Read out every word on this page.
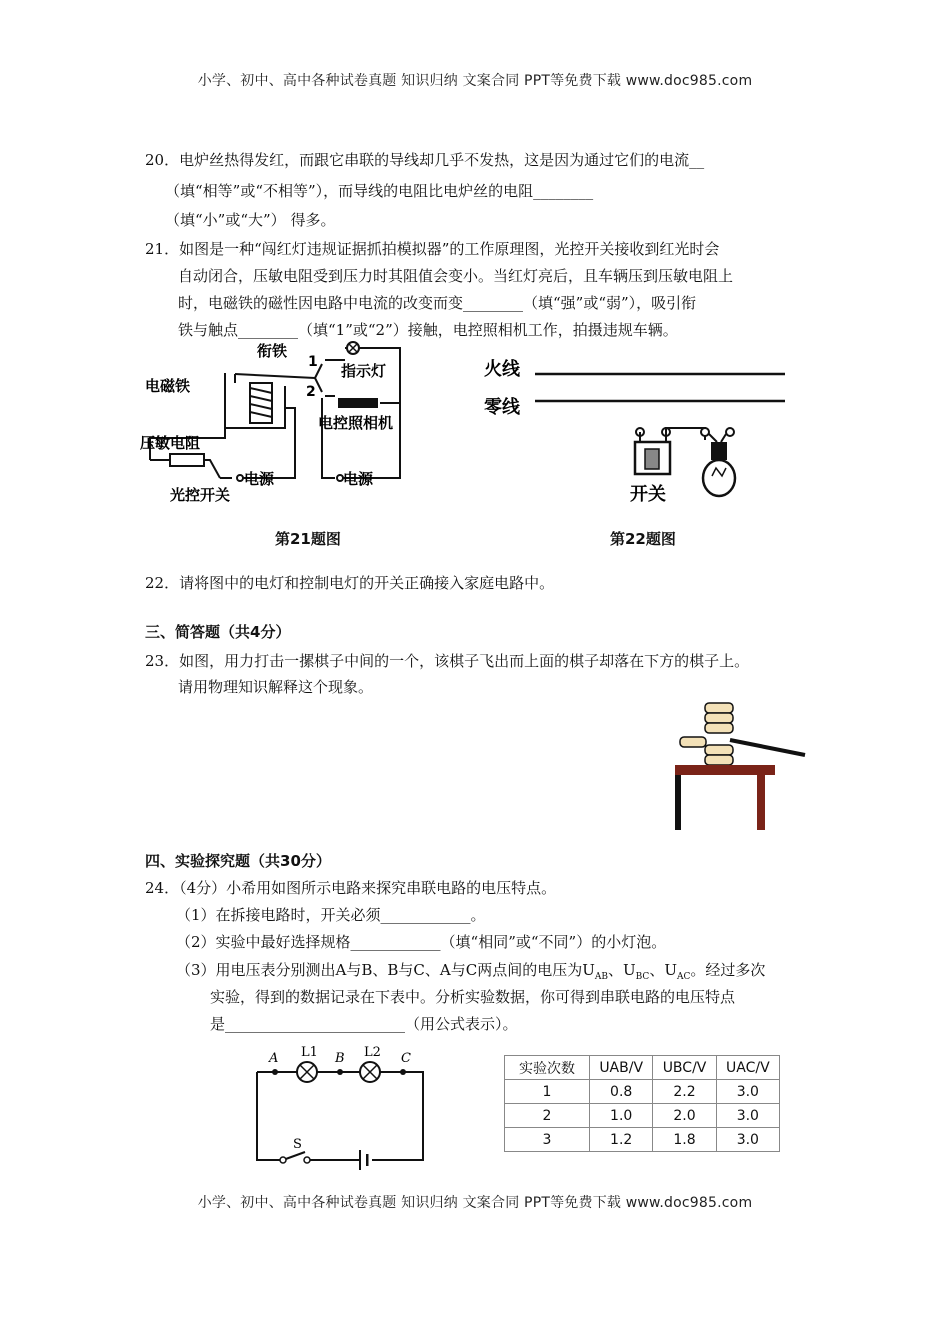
小学、初中、高中各种试卷真题 知识归纳 文案合同 PPT等免费下载 www.doc985.com
20．电炉丝热得发红，而跟它串联的导线却几乎不发热，这是因为通过它们的电流__
（填“相等”或“不相等”），而导线的电阻比电炉丝的电阻________
（填“小”或“大”） 得多。
21．如图是一种“闯红灯违规证据抓拍模拟器”的工作原理图，光控开关接收到红光时会
自动闭合，压敏电阻受到压力时其阻值会变小。当红灯亮后，且车辆压到压敏电阻上
时，电磁铁的磁性因电路中电流的改变而变________（填“强”或“弱”），吸引衔
铁与触点________（填“1”或“2”）接触，电控照相机工作，拍摄违规车辆。
衔铁
电磁铁
指示灯
电控照相机
压敏电阻
电源	电源
光控开关
1
2
第21题图
火线
零线
开关
第22题图
22．请将图中的电灯和控制电灯的开关正确接入家庭电路中。
三、简答题（共4分）
23．如图，用力打击一摞棋子中间的一个，该棋子飞出而上面的棋子却落在下方的棋子上。
请用物理知识解释这个现象。
四、实验探究题（共30分）
24．（4分）小希用如图所示电路来探究串联电路的电压特点。
（1）在拆接电路时，开关必须____________。
（2）实验中最好选择规格____________（填“相同”或“不同”）的小灯泡。
（3）用电压表分别测出A与B、B与C、A与C两点间的电压为$U_{AB}$、$U_{BC}$、$U_{AC}$。经过多次
实验，得到的数据记录在下表中。分析实验数据，你可得到串联电路的电压特点
是________________________（用公式表示）。
A L1 B L2 C
S
实验次数	UAB/V	UBC/V	UAC/V
1	0.8	2.2	3.0
2	1.0	2.0	3.0
3	1.2	1.8	3.0
小学、初中、高中各种试卷真题 知识归纳 文案合同 PPT等免费下载 www.doc985.com
